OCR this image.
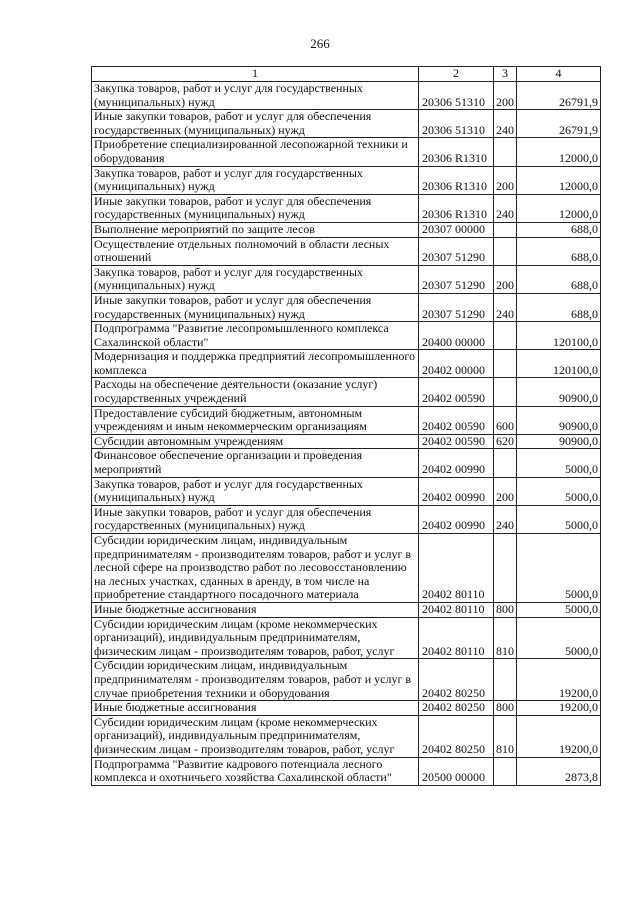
266
1	2	3	4
Закупка товаров, работ и услуг для государственных (муниципальных) нужд	20306 51310	200	26791,9
Иные закупки товаров, работ и услуг для обеспечения государственных (муниципальных) нужд	20306 51310	240	26791,9
Приобретение специализированной лесопожарной техники и оборудования	20306 R1310		12000,0
Закупка товаров, работ и услуг для государственных (муниципальных) нужд	20306 R1310	200	12000,0
Иные закупки товаров, работ и услуг для обеспечения государственных (муниципальных) нужд	20306 R1310	240	12000,0
Выполнение мероприятий по защите лесов	20307 00000		688,0
Осуществление отдельных полномочий в области лесных отношений	20307 51290		688,0
Закупка товаров, работ и услуг для государственных (муниципальных) нужд	20307 51290	200	688,0
Иные закупки товаров, работ и услуг для обеспечения государственных (муниципальных) нужд	20307 51290	240	688,0
Подпрограмма "Развитие лесопромышленного комплекса Сахалинской области"	20400 00000		120100,0
Модернизация и поддержка предприятий лесопромышленного комплекса	20402 00000		120100,0
Расходы на обеспечение деятельности (оказание услуг) государственных учреждений	20402 00590		90900,0
Предоставление субсидий бюджетным, автономным учреждениям и иным некоммерческим организациям	20402 00590	600	90900,0
Субсидии автономным учреждениям	20402 00590	620	90900,0
Финансовое обеспечение организации и проведения мероприятий	20402 00990		5000,0
Закупка товаров, работ и услуг для государственных (муниципальных) нужд	20402 00990	200	5000,0
Иные закупки товаров, работ и услуг для обеспечения государственных (муниципальных) нужд	20402 00990	240	5000,0
Субсидии юридическим лицам, индивидуальным предпринимателям - производителям товаров, работ и услуг в лесной сфере на производство работ по лесовосстановлению на лесных участках, сданных в аренду, в том числе на приобретение стандартного посадочного материала	20402 80110		5000,0
Иные бюджетные ассигнования	20402 80110	800	5000,0
Субсидии юридическим лицам (кроме некоммерческих организаций), индивидуальным предпринимателям, физическим лицам - производителям товаров, работ, услуг	20402 80110	810	5000,0
Субсидии юридическим лицам, индивидуальным предпринимателям - производителям товаров, работ и услуг в случае приобретения техники и оборудования	20402 80250		19200,0
Иные бюджетные ассигнования	20402 80250	800	19200,0
Субсидии юридическим лицам (кроме некоммерческих организаций), индивидуальным предпринимателям, физическим лицам - производителям товаров, работ, услуг	20402 80250	810	19200,0
Подпрограмма "Развитие кадрового потенциала лесного комплекса и охотничьего хозяйства Сахалинской области"	20500 00000		2873,8
